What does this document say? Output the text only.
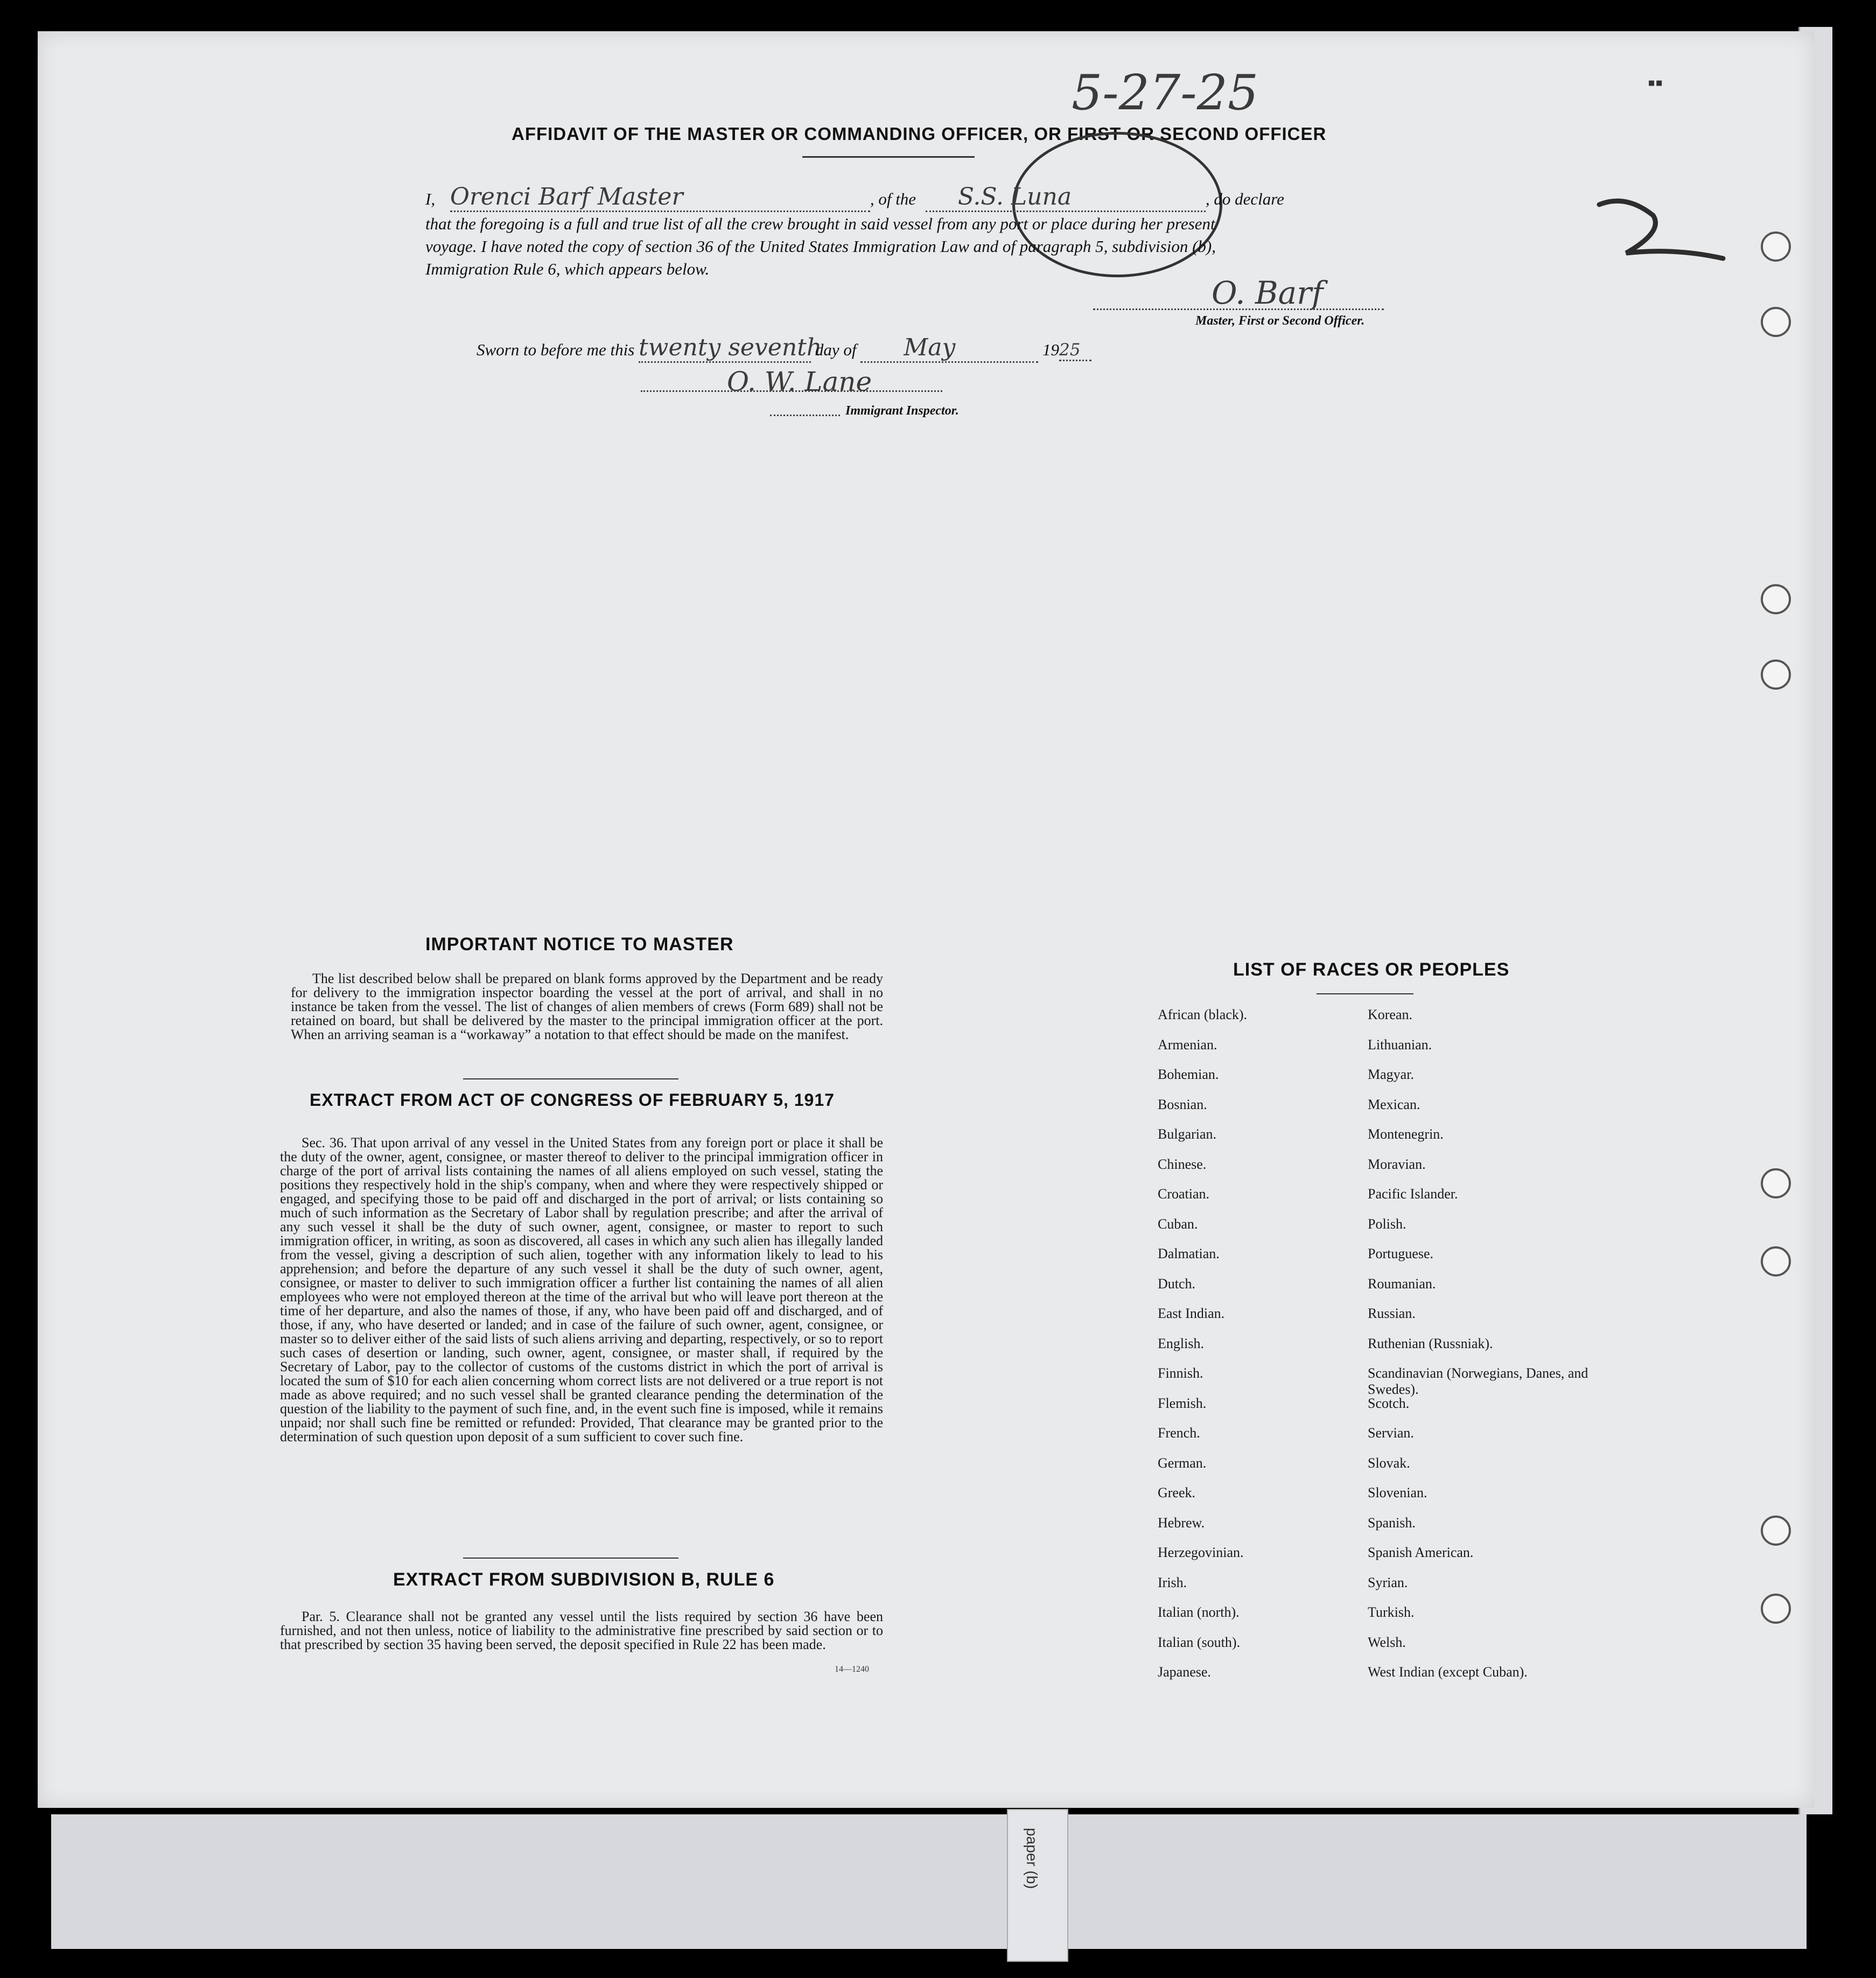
paper (b)
5-27-25	▪▪
AFFIDAVIT OF THE MASTER OR COMMANDING OFFICER, OR FIRST OR SECOND OFFICER
I, Orenci Barf Master	, of the S.S. Luna	, do declare
that the foregoing is a full and true list of all the crew brought in said vessel from any port or place during her present
voyage. I have noted the copy of section 36 of the United States Immigration Law and of paragraph 5, subdivision (b),
Immigration Rule 6, which appears below.
O. Barf
Master, First or Second Officer.
Sworn to before me this twenty seventh day of May	1925
O. W. Lane
Immigrant Inspector.
IMPORTANT NOTICE TO MASTER
The list described below shall be prepared on blank forms approved by the Department and be ready for delivery to the immigration inspector boarding the vessel at the port of arrival, and shall in no instance be taken from the vessel. The list of changes of alien members of crews (Form 689) shall not be retained on board, but shall be delivered by the master to the principal immigration officer at the port. When an arriving seaman is a “workaway” a notation to that effect should be made on the manifest.
EXTRACT FROM ACT OF CONGRESS OF FEBRUARY 5, 1917
Sec. 36. That upon arrival of any vessel in the United States from any foreign port or place it shall be the duty of the owner, agent, consignee, or master thereof to deliver to the principal immigration officer in charge of the port of arrival lists containing the names of all aliens employed on such vessel, stating the positions they respectively hold in the ship's company, when and where they were respectively shipped or engaged, and specifying those to be paid off and discharged in the port of arrival; or lists containing so much of such information as the Secretary of Labor shall by regulation prescribe; and after the arrival of any such vessel it shall be the duty of such owner, agent, consignee, or master to report to such immigration officer, in writing, as soon as discovered, all cases in which any such alien has illegally landed from the vessel, giving a description of such alien, together with any information likely to lead to his apprehension; and before the departure of any such vessel it shall be the duty of such owner, agent, consignee, or master to deliver to such immigration officer a further list containing the names of all alien employees who were not employed thereon at the time of the arrival but who will leave port thereon at the time of her departure, and also the names of those, if any, who have been paid off and discharged, and of those, if any, who have deserted or landed; and in case of the failure of such owner, agent, consignee, or master so to deliver either of the said lists of such aliens arriving and departing, respectively, or so to report such cases of desertion or landing, such owner, agent, consignee, or master shall, if required by the Secretary of Labor, pay to the collector of customs of the customs district in which the port of arrival is located the sum of $10 for each alien concerning whom correct lists are not delivered or a true report is not made as above required; and no such vessel shall be granted clearance pending the determination of the question of the liability to the payment of such fine, and, in the event such fine is imposed, while it remains unpaid; nor shall such fine be remitted or refunded: Provided, That clearance may be granted prior to the determination of such question upon deposit of a sum sufficient to cover such fine.
EXTRACT FROM SUBDIVISION B, RULE 6
Par. 5. Clearance shall not be granted any vessel until the lists required by section 36 have been furnished, and not then unless, notice of liability to the administrative fine prescribed by said section or to that prescribed by section 35 having been served, the deposit specified in Rule 22 has been made.
14—1240
LIST OF RACES OR PEOPLES
African (black).	Korean.
Armenian.	Lithuanian.
Bohemian.	Magyar.
Bosnian.	Mexican.
Bulgarian.	Montenegrin.
Chinese.	Moravian.
Croatian.	Pacific Islander.
Cuban.	Polish.
Dalmatian.	Portuguese.
Dutch.	Roumanian.
East Indian.	Russian.
English.	Ruthenian (Russniak).
Finnish.	Scandinavian (Norwegians, Danes, and Swedes).
Flemish.	Scotch.
French.	Servian.
German.	Slovak.
Greek.	Slovenian.
Hebrew.	Spanish.
Herzegovinian.	Spanish American.
Irish.	Syrian.
Italian (north).	Turkish.
Italian (south).	Welsh.
Japanese.	West Indian (except Cuban).
